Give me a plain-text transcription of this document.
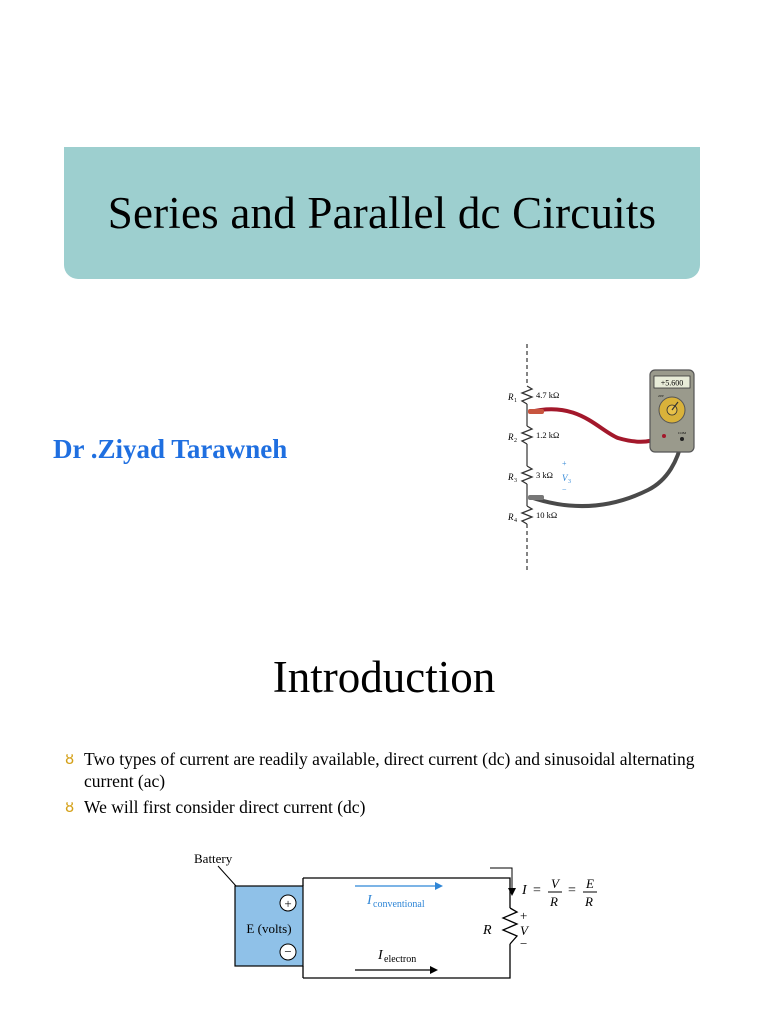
Series and Parallel dc Circuits
Dr .Ziyad Tarawneh
R 1
4.7 kΩ
R 2
1.2 kΩ
R 3
3 kΩ
+
V 3
−
R 4
10 kΩ
+5.600
20V
COM
Introduction
ȣ Two types of current are readily available, direct current (dc) and sinusoidal alternating current (ac)
ȣ We will first consider direct current (dc)
Battery
E (volts)
+
−
R
+
V
−
I conventional
I electron
I = V
R
= E
R
